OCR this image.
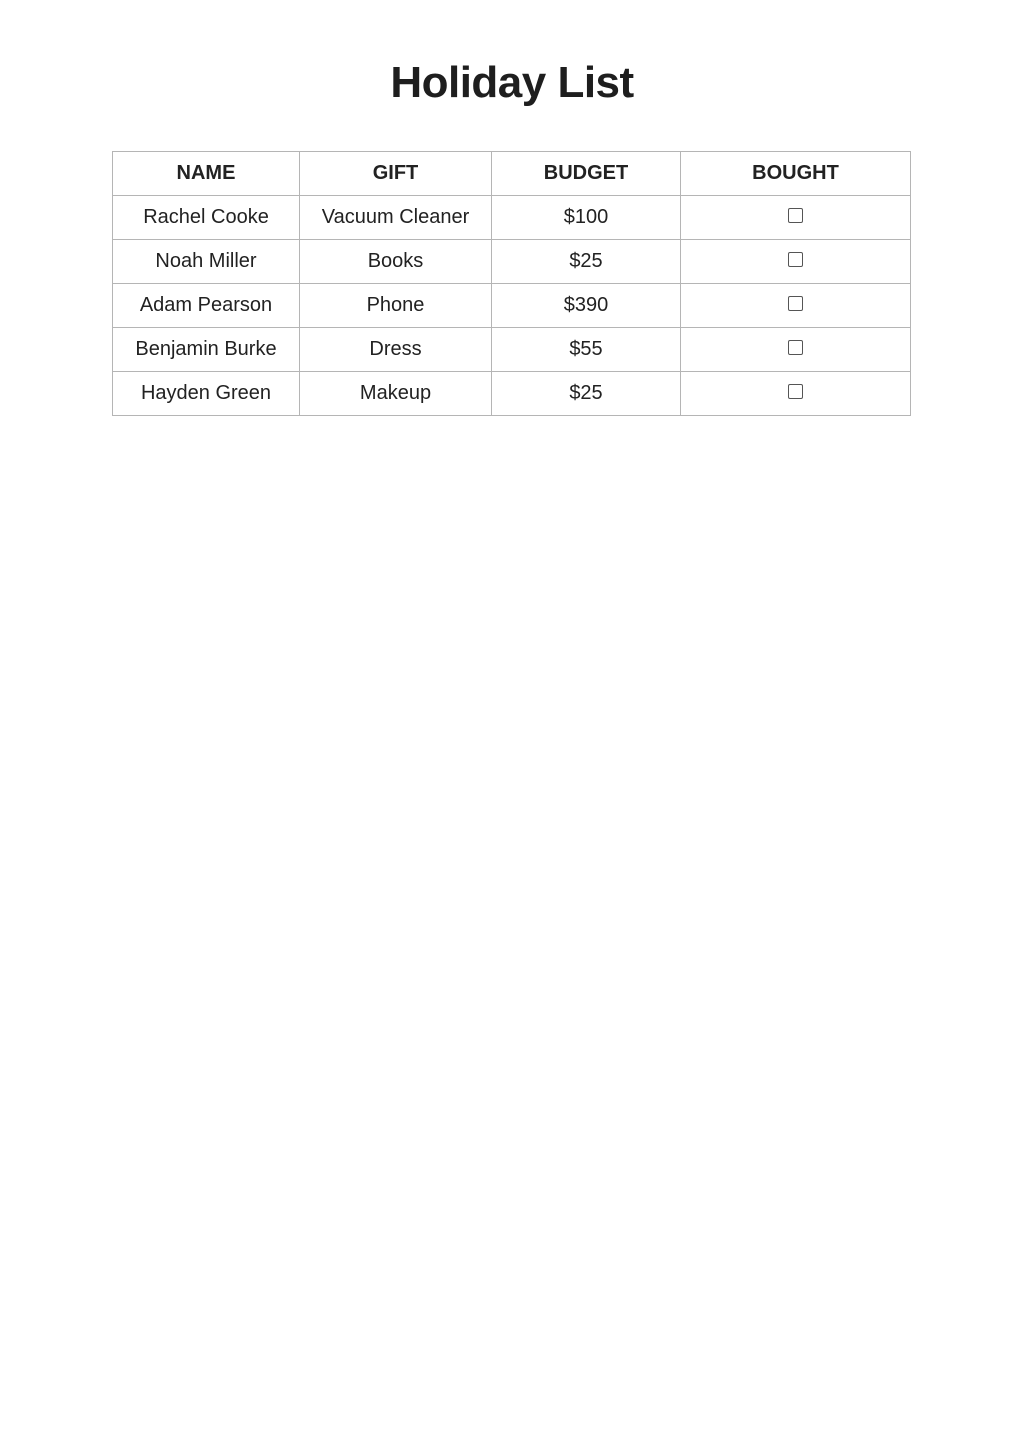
Holiday List
NAME	GIFT	BUDGET	BOUGHT
Rachel Cooke	Vacuum Cleaner	$100	
Noah Miller	Books	$25	
Adam Pearson	Phone	$390	
Benjamin Burke	Dress	$55	
Hayden Green	Makeup	$25	
